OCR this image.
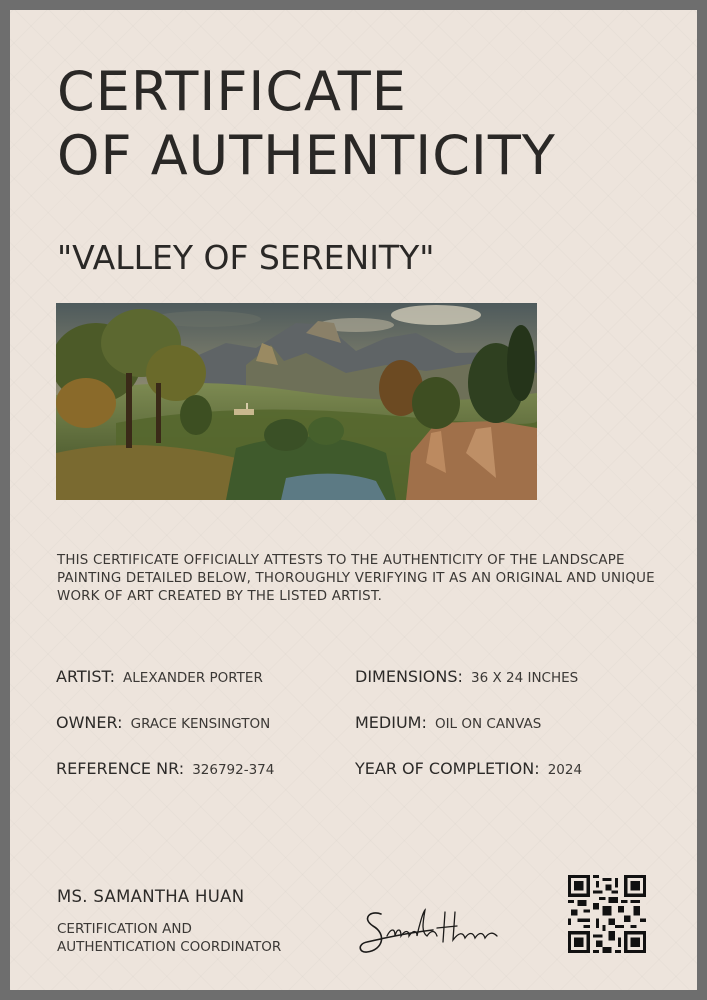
CERTIFICATE
OF AUTHENTICITY
"VALLEY OF SERENITY"

THIS CERTIFICATE OFFICIALLY ATTESTS TO THE AUTHENTICITY OF THE LANDSCAPE PAINTING DETAILED BELOW, THOROUGHLY VERIFYING IT AS AN ORIGINAL AND UNIQUE WORK OF ART CREATED BY THE LISTED ARTIST.

ARTIST: ALEXANDER PORTER
OWNER: GRACE KENSINGTON
REFERENCE NR: 326792-374
DIMENSIONS: 36 X 24 INCHES
MEDIUM: OIL ON CANVAS
YEAR OF COMPLETION: 2024
MS. SAMANTHA HUAN
CERTIFICATION AND
AUTHENTICATION COORDINATOR
